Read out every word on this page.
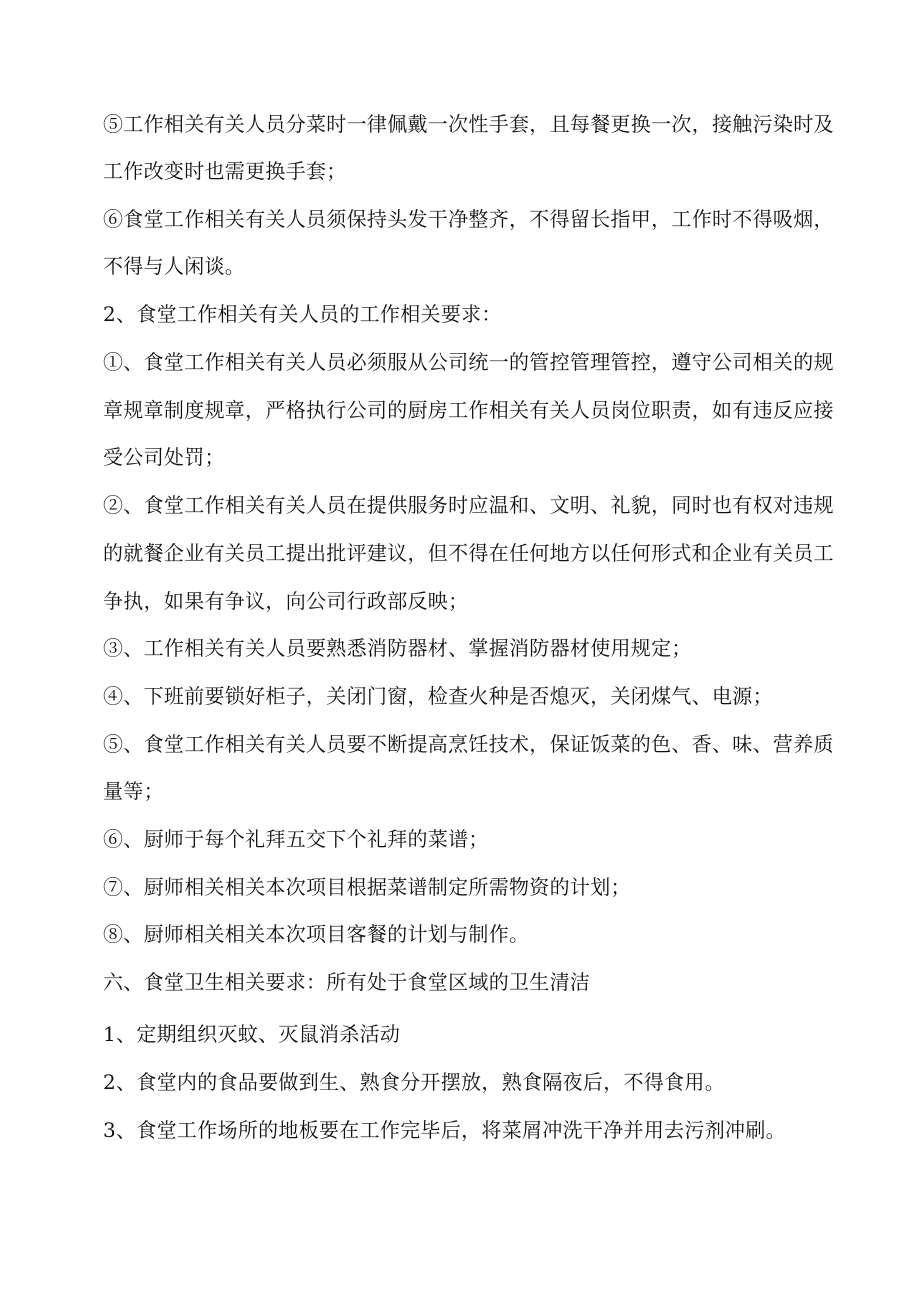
⑤工作相关有关人员分菜时一律佩戴一次性手套，且每餐更换一次，接触污染时及
工作改变时也需更换手套；
⑥食堂工作相关有关人员须保持头发干净整齐，不得留长指甲，工作时不得吸烟，
不得与人闲谈。
2、食堂工作相关有关人员的工作相关要求：
①、食堂工作相关有关人员必须服从公司统一的管控管理管控，遵守公司相关的规
章规章制度规章，严格执行公司的厨房工作相关有关人员岗位职责，如有违反应接
受公司处罚；
②、食堂工作相关有关人员在提供服务时应温和、文明、礼貌，同时也有权对违规
的就餐企业有关员工提出批评建议，但不得在任何地方以任何形式和企业有关员工
争执，如果有争议，向公司行政部反映；
③、工作相关有关人员要熟悉消防器材、掌握消防器材使用规定；
④、下班前要锁好柜子，关闭门窗，检查火种是否熄灭，关闭煤气、电源；
⑤、食堂工作相关有关人员要不断提高烹饪技术，保证饭菜的色、香、味、营养质
量等；
⑥、厨师于每个礼拜五交下个礼拜的菜谱；
⑦、厨师相关相关本次项目根据菜谱制定所需物资的计划；
⑧、厨师相关相关本次项目客餐的计划与制作。
六、食堂卫生相关要求：所有处于食堂区域的卫生清洁
1、定期组织灭蚊、灭鼠消杀活动
2、食堂内的食品要做到生、熟食分开摆放，熟食隔夜后，不得食用。
3、食堂工作场所的地板要在工作完毕后，将菜屑冲洗干净并用去污剂冲刷。
